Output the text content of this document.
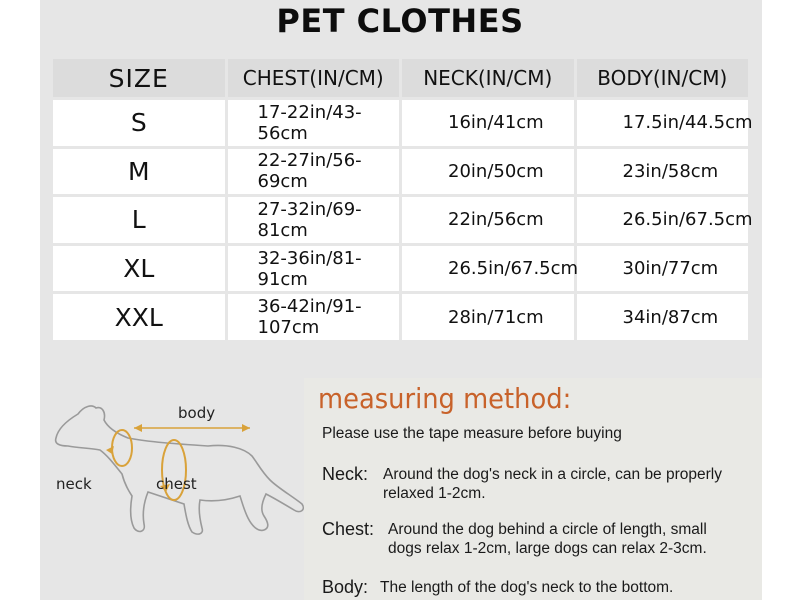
PET CLOTHES
SIZE	CHEST(IN/CM)	NECK(IN/CM)	BODY(IN/CM)
S	17-22in/43-56cm	16in/41cm	17.5in/44.5cm
M	22-27in/56-69cm	20in/50cm	23in/58cm
L	27-32in/69-81cm	22in/56cm	26.5in/67.5cm
XL	32-36in/81-91cm	26.5in/67.5cm	30in/77cm
XXL	36-42in/91-107cm	28in/71cm	34in/87cm
body
neck	chest
measuring method:
Please use the tape measure before buying
Neck: Around the dog's neck in a circle, can be properly
relaxed 1-2cm.
Chest: Around the dog behind a circle of length, small
dogs relax 1-2cm, large dogs can relax 2-3cm.
Body: The length of the dog's neck to the bottom.
